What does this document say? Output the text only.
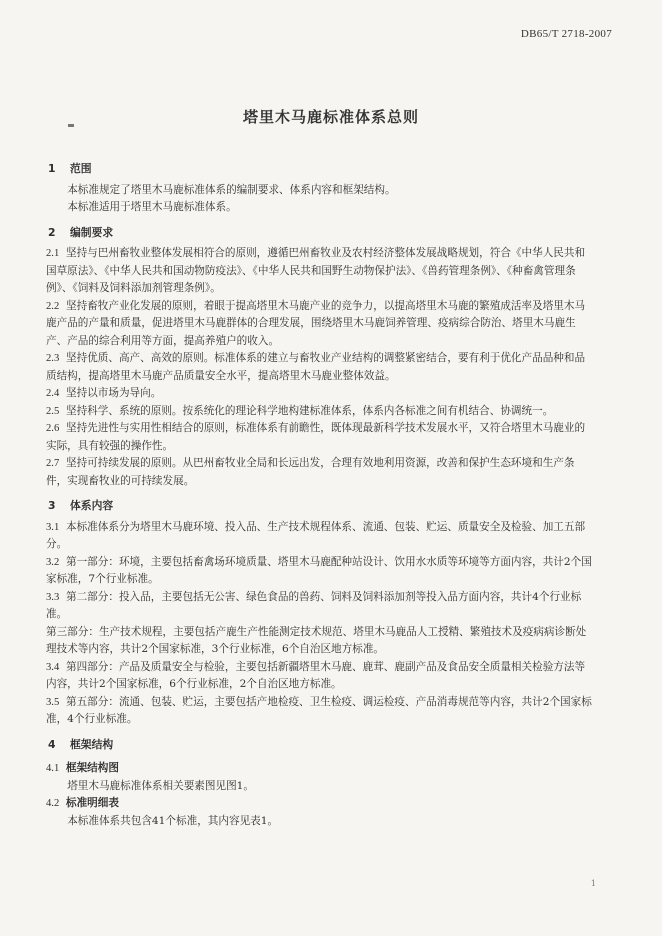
DB65/T 2718-2007
塔里木马鹿标准体系总则
1 范围

本标准规定了塔里木马鹿标准体系的编制要求、体系内容和框架结构。

本标准适用于塔里木马鹿标准体系。

2 编制要求

2.1 坚持与巴州畜牧业整体发展相符合的原则，遵循巴州畜牧业及农村经济整体发展战略规划，符合《中华人民共和国草原法》、《中华人民共和国动物防疫法》、《中华人民共和国野生动物保护法》、《兽药管理条例》、《种畜禽管理条例》、《饲料及饲料添加剂管理条例》。

2.2 坚持畜牧产业化发展的原则，着眼于提高塔里木马鹿产业的竞争力，以提高塔里木马鹿的繁殖成活率及塔里木马鹿产品的产量和质量，促进塔里木马鹿群体的合理发展，围绕塔里木马鹿饲养管理、疫病综合防治、塔里木马鹿生产、产品的综合利用等方面，提高养殖户的收入。

2.3 坚持优质、高产、高效的原则。标准体系的建立与畜牧业产业结构的调整紧密结合，要有利于优化产品品种和品质结构，提高塔里木马鹿产品质量安全水平，提高塔里木马鹿业整体效益。

2.4 坚持以市场为导向。

2.5 坚持科学、系统的原则。按系统化的理论科学地构建标准体系，体系内各标准之间有机结合、协调统一。

2.6 坚持先进性与实用性相结合的原则，标准体系有前瞻性，既体现最新科学技术发展水平，又符合塔里木马鹿业的实际，具有较强的操作性。

2.7 坚持可持续发展的原则。从巴州畜牧业全局和长远出发，合理有效地利用资源，改善和保护生态环境和生产条件，实现畜牧业的可持续发展。

3 体系内容

3.1 本标准体系分为塔里木马鹿环境、投入品、生产技术规程体系、流通、包装、贮运、质量安全及检验、加工五部分。

3.2 第一部分：环境，主要包括畜禽场环境质量、塔里木马鹿配种站设计、饮用水水质等环境等方面内容，共计2个国家标准，7个行业标准。

3.3 第二部分：投入品，主要包括无公害、绿色食品的兽药、饲料及饲料添加剂等投入品方面内容，共计4个行业标准。

第三部分：生产技术规程，主要包括产鹿生产性能测定技术规范、塔里木马鹿品人工授精、繁殖技术及疫病病诊断处理技术等内容，共计2个国家标准，3个行业标准，6个自治区地方标准。

3.4 第四部分：产品及质量安全与检验，主要包括新疆塔里木马鹿、鹿茸、鹿副产品及食品安全质量相关检验方法等内容，共计2个国家标准，6个行业标准，2个自治区地方标准。

3.5 第五部分：流通、包装、贮运，主要包括产地检疫、卫生检疫、调运检疫、产品消毒规范等内容，共计2个国家标准，4个行业标准。

4 框架结构

4.1 框架结构图

塔里木马鹿标准体系相关要素图见图1。

4.2 标准明细表

本标准体系共包含41个标准，其内容见表1。

1
